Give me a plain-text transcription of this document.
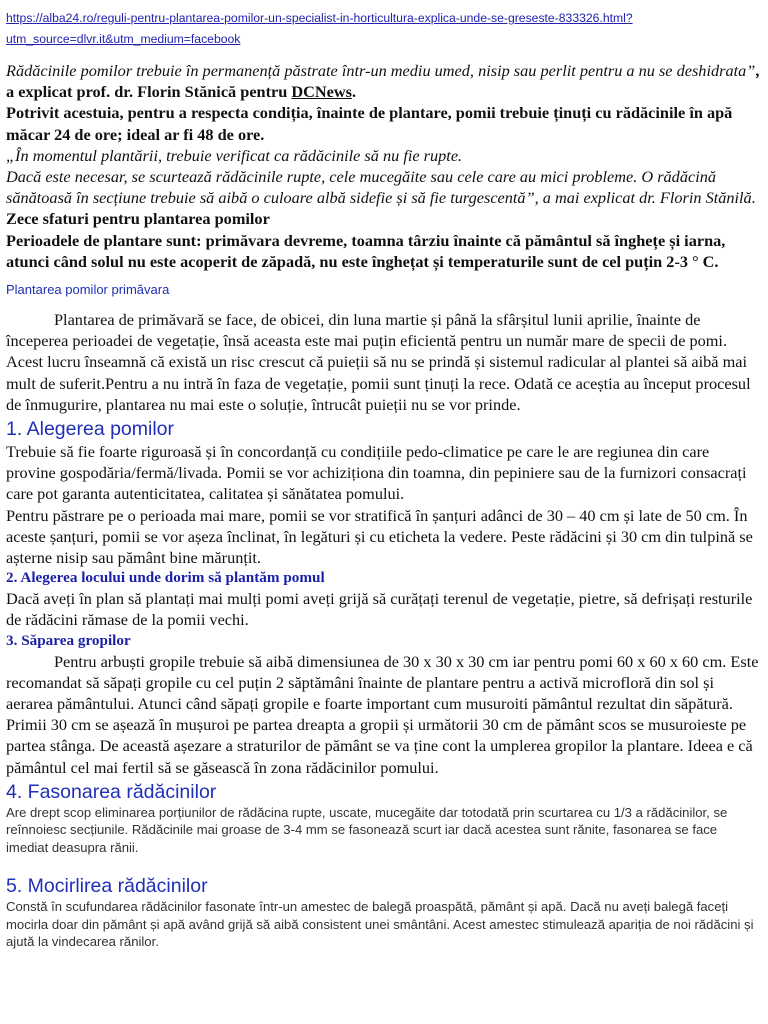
https://alba24.ro/reguli-pentru-plantarea-pomilor-un-specialist-in-horticultura-explica-unde-se-greseste-833326.html?
utm_source=dlvr.it&utm_medium=facebook
Rădăcinile pomilor trebuie în permanență păstrate într-un mediu umed, nisip sau perlit pentru a nu se deshidrata”, a explicat prof. dr. Florin Stănică pentru DCNews.
Potrivit acestuia, pentru a respecta condiția, înainte de plantare, pomii trebuie ținuți cu rădăcinile în apă măcar 24 de ore; ideal ar fi 48 de ore.
„În momentul plantării, trebuie verificat ca rădăcinile să nu fie rupte.
Dacă este necesar, se scurtează rădăcinile rupte, cele mucegăite sau cele care au mici probleme. O rădăcină sănătoasă în secțiune trebuie să aibă o culoare albă sidefie și să fie turgescentă”, a mai explicat dr. Florin Stănilă.
Zece sfaturi pentru plantarea pomilor
Perioadele de plantare sunt: primăvara devreme, toamna târziu înainte că pământul să înghețe și iarna, atunci când solul nu este acoperit de zăpadă, nu este înghețat și temperaturile sunt de cel puțin 2-3 ° C.
Plantarea pomilor primăvara
Plantarea de primăvară se face, de obicei, din luna martie și până la sfârșitul lunii aprilie, înainte de începerea perioadei de vegetație, însă aceasta este mai puțin eficientă pentru un număr mare de specii de pomi. Acest lucru înseamnă că există un risc crescut că puieții să nu se prindă și sistemul radicular al plantei să aibă mai mult de suferit.Pentru a nu intră în faza de vegetație, pomii sunt ținuți la rece. Odată ce aceștia au început procesul de înmugurire, plantarea nu mai este o soluție, întrucât puieții nu se vor prinde.
1. Alegerea pomilor
Trebuie să fie foarte riguroasă și în concordanță cu condițiile pedo-climatice pe care le are regiunea din care provine gospodăria/fermă/livada. Pomii se vor achiziționa din toamna, din pepiniere sau de la furnizori consacrați care pot garanta autenticitatea, calitatea și sănătatea pomului.
Pentru păstrare pe o perioada mai mare, pomii se vor stratifică în șanțuri adânci de 30 – 40 cm și late de 50 cm. În aceste șanțuri, pomii se vor așeza înclinat, în legături și cu eticheta la vedere. Peste rădăcini și 30 cm din tulpină se așterne nisip sau pământ bine mărunțit.
2. Alegerea locului unde dorim să plantăm pomul
Dacă aveți în plan să plantați mai mulți pomi aveți grijă să curățați terenul de vegetație, pietre, să defrișați resturile de rădăcini rămase de la pomii vechi.
3. Săparea gropilor
Pentru arbuști gropile trebuie să aibă dimensiunea de 30 x 30 x 30 cm iar pentru pomi 60 x 60 x 60 cm. Este recomandat să săpați gropile cu cel puțin 2 săptămâni înainte de plantare pentru a activă microfloră din sol și aerarea pământului. Atunci când săpați gropile e foarte important cum musuroiti pământul rezultat din săpătură. Primii 30 cm se așează în mușuroi pe partea dreapta a gropii și următorii 30 cm de pământ scos se musuroieste pe partea stânga. De această așezare a straturilor de pământ se va ține cont la umplerea gropilor la plantare. Ideea e că pământul cel mai fertil să se găsească în zona rădăcinilor pomului.
4. Fasonarea rădăcinilor
Are drept scop eliminarea porțiunilor de rădăcina rupte, uscate, mucegăite dar totodată prin scurtarea cu 1/3 a rădăcinilor, se reînnoiesc secțiunile. Rădăcinile mai groase de 3-4 mm se fasonează scurt iar dacă acestea sunt rănite, fasonarea se face imediat deasupra rănii.
5. Mocirlirea rădăcinilor
Constă în scufundarea rădăcinilor fasonate într-un amestec de balegă proaspătă, pământ și apă. Dacă nu aveți balegă faceți mocirla doar din pământ și apă având grijă să aibă consistent unei smântâni. Acest amestec stimulează apariția de noi rădăcini și ajută la vindecarea rănilor.
